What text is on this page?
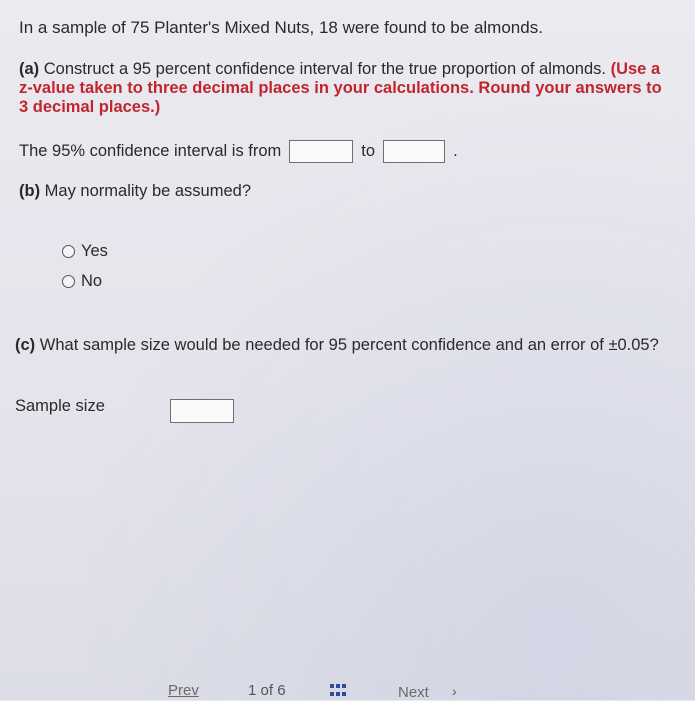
In a sample of 75 Planter's Mixed Nuts, 18 were found to be almonds.
(a) Construct a 95 percent confidence interval for the true proportion of almonds. (Use a z-value taken to three decimal places in your calculations. Round your answers to 3 decimal places.)
The 95% confidence interval is from	to	.
(b) May normality be assumed?
Yes
No
(c) What sample size would be needed for 95 percent confidence and an error of ±0.05?
Sample size
Prev	1 of 6	Next ›
